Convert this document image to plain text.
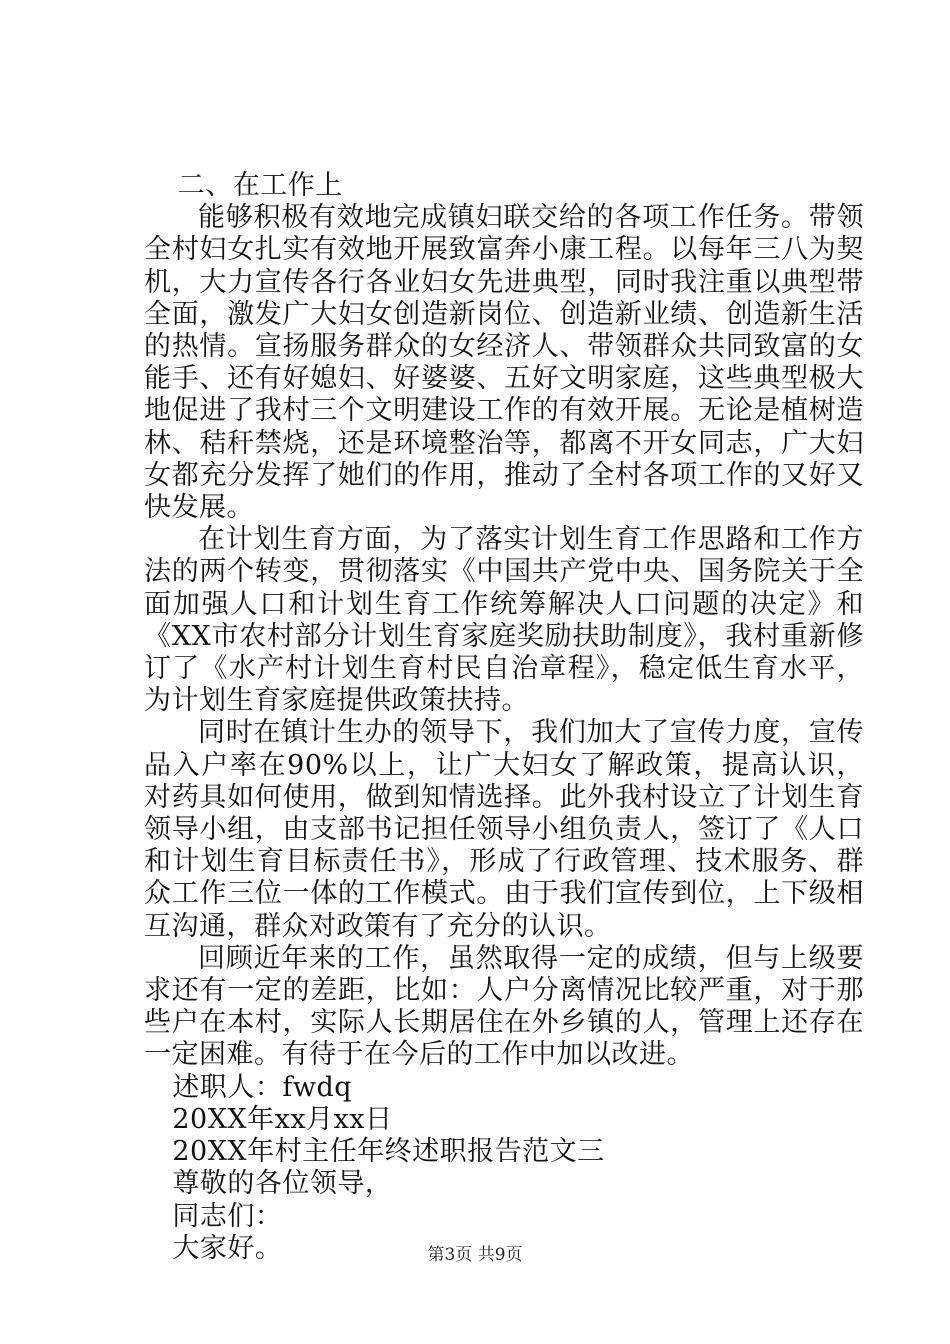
二、在工作上

能够积极有效地完成镇妇联交给的各项工作任务。带领全村妇女扎实有效地开展致富奔小康工程。以每年三八为契机，大力宣传各行各业妇女先进典型，同时我注重以典型带全面，激发广大妇女创造新岗位、创造新业绩、创造新生活的热情。宣扬服务群众的女经济人、带领群众共同致富的女能手、还有好媳妇、好婆婆、五好文明家庭，这些典型极大地促进了我村三个文明建设工作的有效开展。无论是植树造林、秸秆禁烧，还是环境整治等，都离不开女同志，广大妇女都充分发挥了她们的作用，推动了全村各项工作的又好又快发展。

在计划生育方面，为了落实计划生育工作思路和工作方法的两个转变，贯彻落实《中国共产党中央、国务院关于全面加强人口和计划生育工作统筹解决人口问题的决定》和《XX市农村部分计划生育家庭奖励扶助制度》，我村重新修订了《水产村计划生育村民自治章程》，稳定低生育水平，为计划生育家庭提供政策扶持。

同时在镇计生办的领导下，我们加大了宣传力度，宣传品入户率在90%以上，让广大妇女了解政策，提高认识，对药具如何使用，做到知情选择。此外我村设立了计划生育领导小组，由支部书记担任领导小组负责人，签订了《人口和计划生育目标责任书》，形成了行政管理、技术服务、群众工作三位一体的工作模式。由于我们宣传到位，上下级相互沟通，群众对政策有了充分的认识。

回顾近年来的工作，虽然取得一定的成绩，但与上级要求还有一定的差距，比如：人户分离情况比较严重，对于那些户在本村，实际人长期居住在外乡镇的人，管理上还存在一定困难。有待于在今后的工作中加以改进。

述职人：fwdq

20XX年xx月xx日

20XX年村主任年终述职报告范文三

尊敬的各位领导，

同志们：

大家好。	第3页 共9页
